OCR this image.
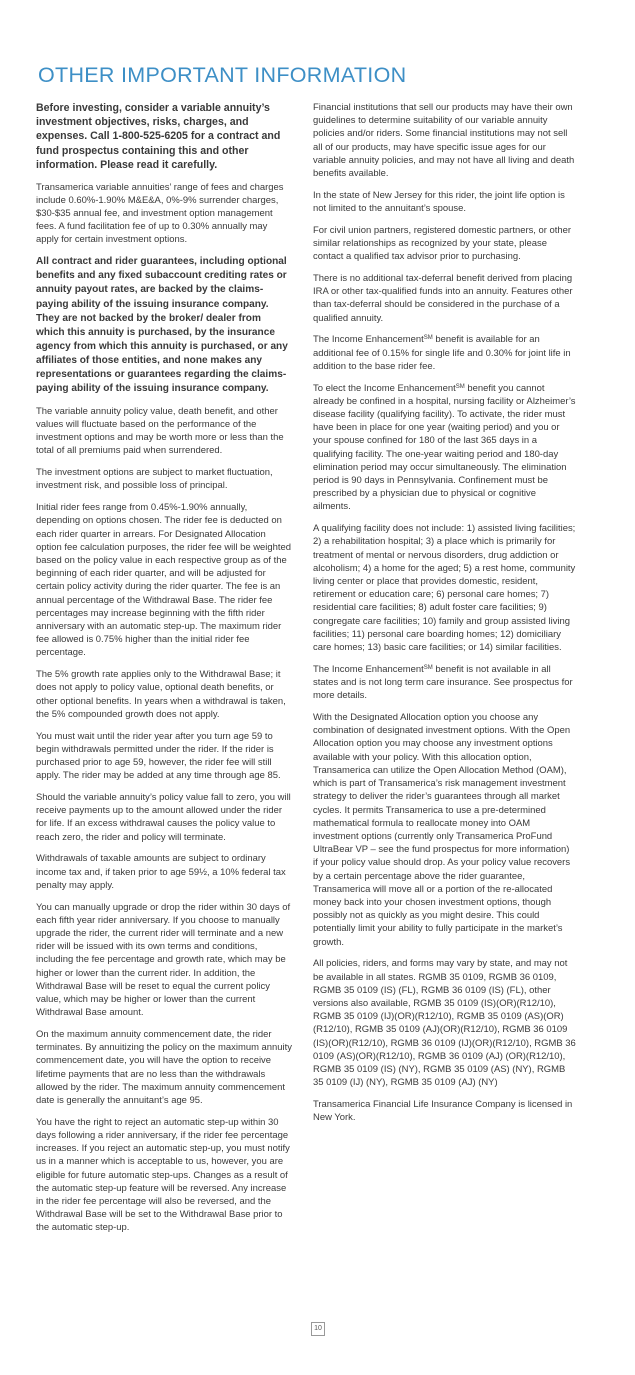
OTHER IMPORTANT INFORMATION

Before investing, consider a variable annuity’s investment objectives, risks, charges, and expenses. Call 1-800-525-6205 for a contract and fund prospectus containing this and other information. Please read it carefully.

Transamerica variable annuities’ range of fees and charges include 0.60%-1.90% M&E&A, 0%-9% surrender charges, $30-$35 annual fee, and investment option management fees. A fund facilitation fee of up to 0.30% annually may apply for certain investment options.

All contract and rider guarantees, including optional benefits and any fixed subaccount crediting rates or annuity payout rates, are backed by the claims-paying ability of the issuing insurance company. They are not backed by the broker/ dealer from which this annuity is purchased, by the insurance agency from which this annuity is purchased, or any affiliates of those entities, and none makes any representations or guarantees regarding the claims-paying ability of the issuing insurance company.

The variable annuity policy value, death benefit, and other values will fluctuate based on the performance of the investment options and may be worth more or less than the total of all premiums paid when surrendered.

The investment options are subject to market fluctuation, investment risk, and possible loss of principal.

Initial rider fees range from 0.45%-1.90% annually, depending on options chosen. The rider fee is deducted on each rider quarter in arrears. For Designated Allocation option fee calculation purposes, the rider fee will be weighted based on the policy value in each respective group as of the beginning of each rider quarter, and will be adjusted for certain policy activity during the rider quarter. The fee is an annual percentage of the Withdrawal Base. The rider fee percentages may increase beginning with the fifth rider anniversary with an automatic step-up. The maximum rider fee allowed is 0.75% higher than the initial rider fee percentage.

The 5% growth rate applies only to the Withdrawal Base; it does not apply to policy value, optional death benefits, or other optional benefits. In years when a withdrawal is taken, the 5% compounded growth does not apply.

You must wait until the rider year after you turn age 59 to begin withdrawals permitted under the rider. If the rider is purchased prior to age 59, however, the rider fee will still apply. The rider may be added at any time through age 85.

Should the variable annuity’s policy value fall to zero, you will receive payments up to the amount allowed under the rider for life. If an excess withdrawal causes the policy value to reach zero, the rider and policy will terminate.

Withdrawals of taxable amounts are subject to ordinary income tax and, if taken prior to age 59½, a 10% federal tax penalty may apply.

You can manually upgrade or drop the rider within 30 days of each fifth year rider anniversary. If you choose to manually upgrade the rider, the current rider will terminate and a new rider will be issued with its own terms and conditions, including the fee percentage and growth rate, which may be higher or lower than the current rider. In addition, the Withdrawal Base will be reset to equal the current policy value, which may be higher or lower than the current Withdrawal Base amount.

On the maximum annuity commencement date, the rider terminates. By annuitizing the policy on the maximum annuity commencement date, you will have the option to receive lifetime payments that are no less than the withdrawals allowed by the rider. The maximum annuity commencement date is generally the annuitant’s age 95.

You have the right to reject an automatic step-up within 30 days following a rider anniversary, if the rider fee percentage increases. If you reject an automatic step-up, you must notify us in a manner which is acceptable to us, however, you are eligible for future automatic step-ups. Changes as a result of the automatic step-up feature will be reversed. Any increase in the rider fee percentage will also be reversed, and the Withdrawal Base will be set to the Withdrawal Base prior to the automatic step-up.

Financial institutions that sell our products may have their own guidelines to determine suitability of our variable annuity policies and/or riders. Some financial institutions may not sell all of our products, may have specific issue ages for our variable annuity policies, and may not have all living and death benefits available.

In the state of New Jersey for this rider, the joint life option is not limited to the annuitant’s spouse.

For civil union partners, registered domestic partners, or other similar relationships as recognized by your state, please contact a qualified tax advisor prior to purchasing.

There is no additional tax-deferral benefit derived from placing IRA or other tax-qualified funds into an annuity. Features other than tax-deferral should be considered in the purchase of a qualified annuity.

The Income Enhancement℠ benefit is available for an additional fee of 0.15% for single life and 0.30% for joint life in addition to the base rider fee.

To elect the Income Enhancement℠ benefit you cannot already be confined in a hospital, nursing facility or Alzheimer’s disease facility (qualifying facility). To activate, the rider must have been in place for one year (waiting period) and you or your spouse confined for 180 of the last 365 days in a qualifying facility. The one-year waiting period and 180-day elimination period may occur simultaneously. The elimination period is 90 days in Pennsylvania. Confinement must be prescribed by a physician due to physical or cognitive ailments.

A qualifying facility does not include: 1) assisted living facilities; 2) a rehabilitation hospital; 3) a place which is primarily for treatment of mental or nervous disorders, drug addiction or alcoholism; 4) a home for the aged; 5) a rest home, community living center or place that provides domestic, resident, retirement or education care; 6) personal care homes; 7) residential care facilities; 8) adult foster care facilities; 9) congregate care facilities; 10) family and group assisted living facilities; 11) personal care boarding homes; 12) domiciliary care homes; 13) basic care facilities; or 14) similar facilities.

The Income Enhancement℠ benefit is not available in all states and is not long term care insurance. See prospectus for more details.

With the Designated Allocation option you choose any combination of designated investment options. With the Open Allocation option you may choose any investment options available with your policy. With this allocation option, Transamerica can utilize the Open Allocation Method (OAM), which is part of Transamerica’s risk management investment strategy to deliver the rider’s guarantees through all market cycles. It permits Transamerica to use a pre-determined mathematical formula to reallocate money into OAM investment options (currently only Transamerica ProFund UltraBear VP – see the fund prospectus for more information) if your policy value should drop. As your policy value recovers by a certain percentage above the rider guarantee, Transamerica will move all or a portion of the re-allocated money back into your chosen investment options, though possibly not as quickly as you might desire. This could potentially limit your ability to fully participate in the market’s growth.

All policies, riders, and forms may vary by state, and may not be available in all states. RGMB 35 0109, RGMB 36 0109, RGMB 35 0109 (IS) (FL), RGMB 36 0109 (IS) (FL), other versions also available, RGMB 35 0109 (IS)(OR)(R12/10), RGMB 35 0109 (IJ)(OR)(R12/10), RGMB 35 0109 (AS)(OR)(R12/10), RGMB 35 0109 (AJ)(OR)(R12/10), RGMB 36 0109 (IS)(OR)(R12/10), RGMB 36 0109 (IJ)(OR)(R12/10), RGMB 36 0109 (AS)(OR)(R12/10), RGMB 36 0109 (AJ) (OR)(R12/10), RGMB 35 0109 (IS) (NY), RGMB 35 0109 (AS) (NY), RGMB 35 0109 (IJ) (NY), RGMB 35 0109 (AJ) (NY)

Transamerica Financial Life Insurance Company is licensed in New York.

10
